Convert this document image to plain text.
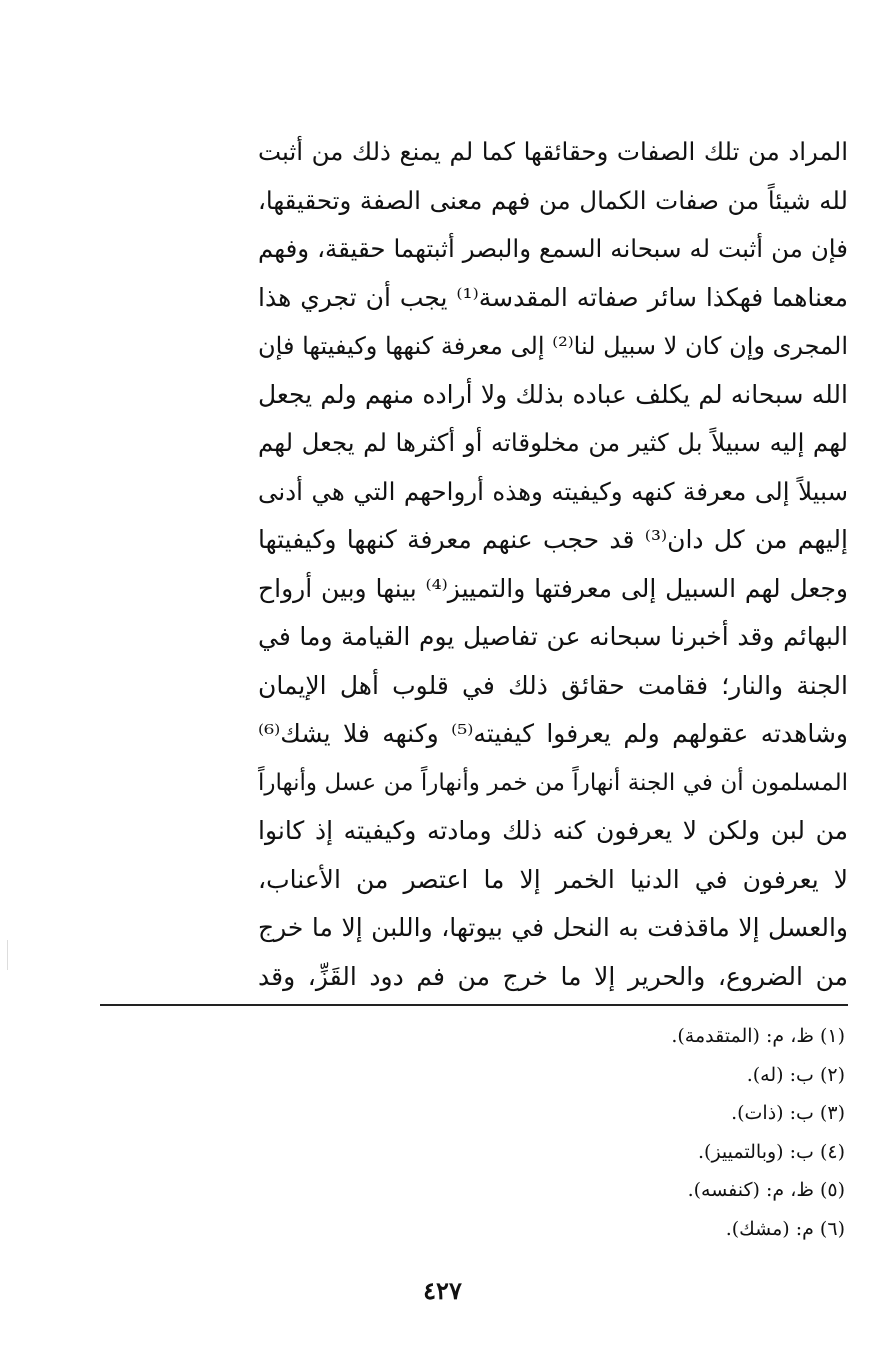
المراد من تلك الصفات وحقائقها كما لم يمنع ذلك من أثبت
لله شيئاً من صفات الكمال من فهم معنى الصفة وتحقيقها،
فإن من أثبت له سبحانه السمع والبصر أثبتهما حقيقة، وفهم
معناهما فهكذا سائر صفاته المقدسة⁽¹⁾ يجب أن تجري هذا
المجرى وإن كان لا سبيل لنا⁽²⁾ إلى معرفة كنهها وكيفيتها فإن
الله سبحانه لم يكلف عباده بذلك ولا أراده منهم ولم يجعل
لهم إليه سبيلاً بل كثير من مخلوقاته أو أكثرها لم يجعل لهم
سبيلاً إلى معرفة كنهه وكيفيته وهذه أرواحهم التي هي أدنى
إليهم من كل دان⁽³⁾ قد حجب عنهم معرفة كنهها وكيفيتها
وجعل لهم السبيل إلى معرفتها والتمييز⁽⁴⁾ بينها وبين أرواح
البهائم وقد أخبرنا سبحانه عن تفاصيل يوم القيامة وما في
الجنة والنار؛ فقامت حقائق ذلك في قلوب أهل الإيمان
وشاهدته عقولهم ولم يعرفوا كيفيته⁽⁵⁾ وكنهه فلا يشك⁽⁶⁾
المسلمون أن في الجنة أنهاراً من خمر وأنهاراً من عسل وأنهاراً
من لبن ولكن لا يعرفون كنه ذلك ومادته وكيفيته إذ كانوا
لا يعرفون في الدنيا الخمر إلا ما اعتصر من الأعناب،
والعسل إلا ماقذفت به النحل في بيوتها، واللبن إلا ما خرج
من الضروع، والحرير إلا ما خرج من فم دود القَزِّ، وقد
(١) ظ، م: (المتقدمة).
(٢) ب: (له).
(٣) ب: (ذات).
(٤) ب: (وبالتمييز).
(٥) ظ، م: (كنفسه).
(٦) م: (مشك).
٤٢٧
